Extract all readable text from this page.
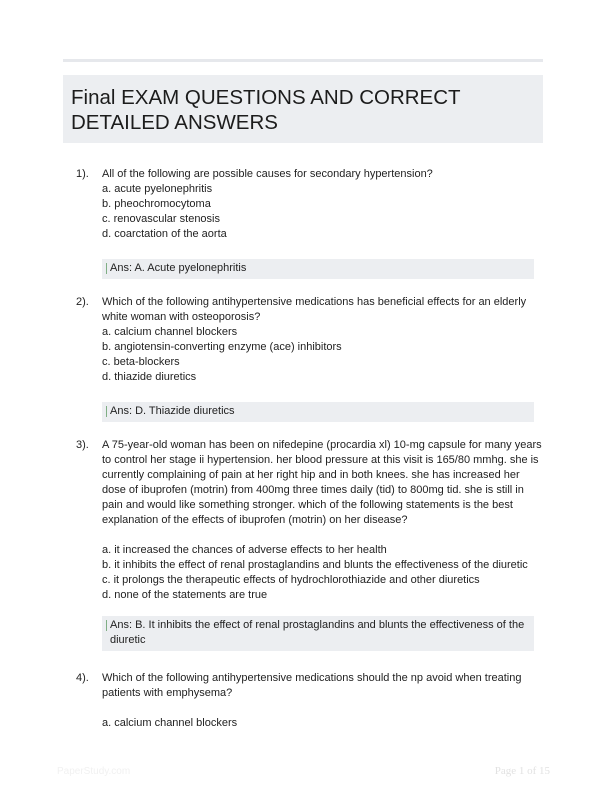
Final EXAM QUESTIONS AND CORRECT DETAILED ANSWERS
1). All of the following are possible causes for secondary hypertension?

a. acute pyelonephritis
b. pheochromocytoma
c. renovascular stenosis
d. coarctation of the aorta
Ans: A. Acute pyelonephritis
2). Which of the following antihypertensive medications has beneficial effects for an elderly white woman with osteoporosis?

a. calcium channel blockers
b. angiotensin-converting enzyme (ace) inhibitors
c. beta-blockers
d. thiazide diuretics
Ans: D. Thiazide diuretics
3). A 75-year-old woman has been on nifedepine (procardia xl) 10-mg capsule for many years to control her stage ii hypertension. her blood pressure at this visit is 165/80 mmhg. she is currently complaining of pain at her right hip and in both knees. she has increased her dose of ibuprofen (motrin) from 400mg three times daily (tid) to 800mg tid. she is still in pain and would like something stronger. which of the following statements is the best explanation of the effects of ibuprofen (motrin) on her disease?

a. it increased the chances of adverse effects to her health
b. it inhibits the effect of renal prostaglandins and blunts the effectiveness of the diuretic
c. it prolongs the therapeutic effects of hydrochlorothiazide and other diuretics
d. none of the statements are true
Ans: B. It inhibits the effect of renal prostaglandins and blunts the effectiveness of the diuretic
4). Which of the following antihypertensive medications should the np avoid when treating patients with emphysema?

a. calcium channel blockers
PaperStudy.com	Page 1 of 15
